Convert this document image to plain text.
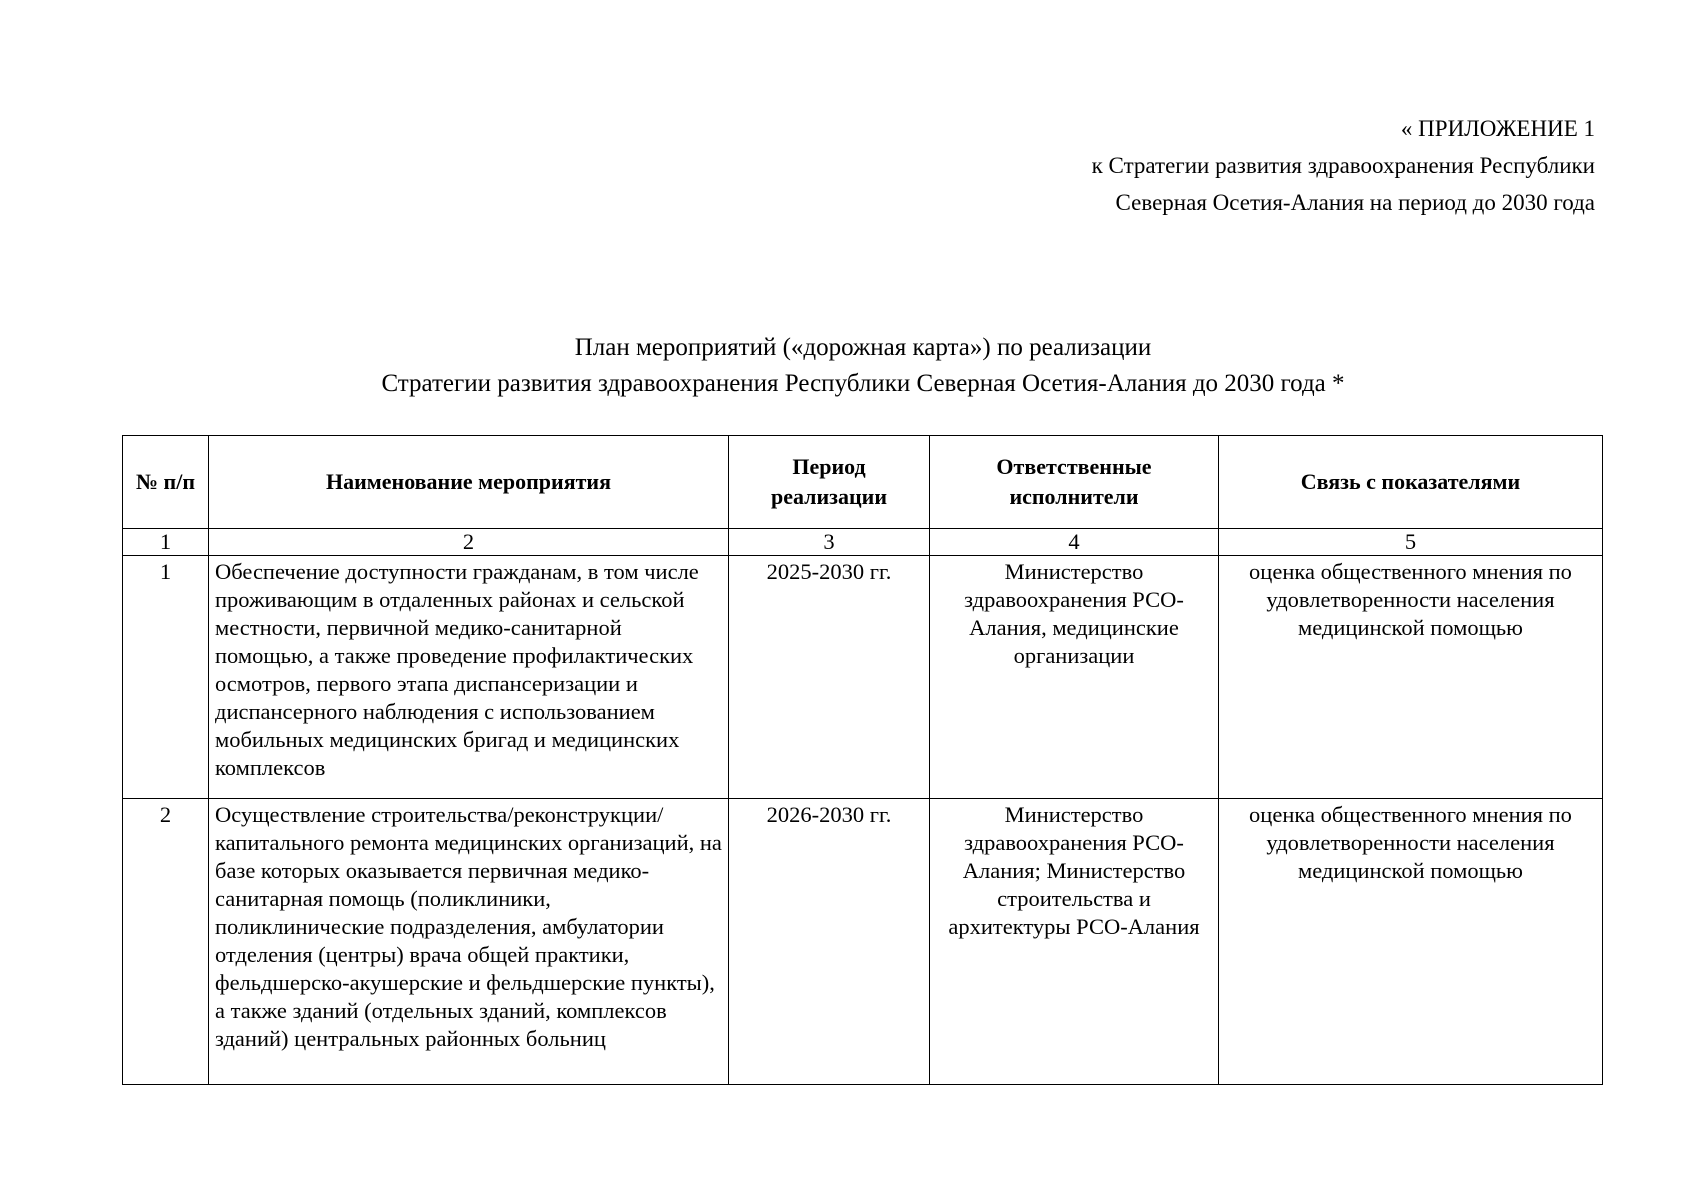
« ПРИЛОЖЕНИЕ 1
к Стратегии развития здравоохранения Республики
Северная Осетия-Алания на период до 2030 года
План мероприятий («дорожная карта») по реализации
Стратегии развития здравоохранения Республики Северная Осетия-Алания до 2030 года *
№ п/п	Наименование мероприятия	Период реализации	Ответственные исполнители	Связь с показателями
1	2	3	4	5
1	Обеспечение доступности гражданам, в том числе проживающим в отдаленных районах и сельской местности, первичной медико-санитарной помощью, а также проведение профилактических осмотров, первого этапа диспансеризации и диспансерного наблюдения с использованием мобильных медицинских бригад и медицинских комплексов	2025-2030 гг.	Министерство здравоохранения РСО-Алания, медицинские организации	оценка общественного мнения по удовлетворенности населения медицинской помощью
2	Осуществление строительства/реконструкции/ капитального ремонта медицинских организаций, на базе которых оказывается первичная медико-санитарная помощь (поликлиники, поликлинические подразделения, амбулатории отделения (центры) врача общей практики, фельдшерско-акушерские и фельдшерские пункты), а также зданий (отдельных зданий, комплексов зданий) центральных районных больниц	2026-2030 гг.	Министерство здравоохранения РСО-Алания; Министерство строительства и архитектуры РСО-Алания	оценка общественного мнения по удовлетворенности населения медицинской помощью
